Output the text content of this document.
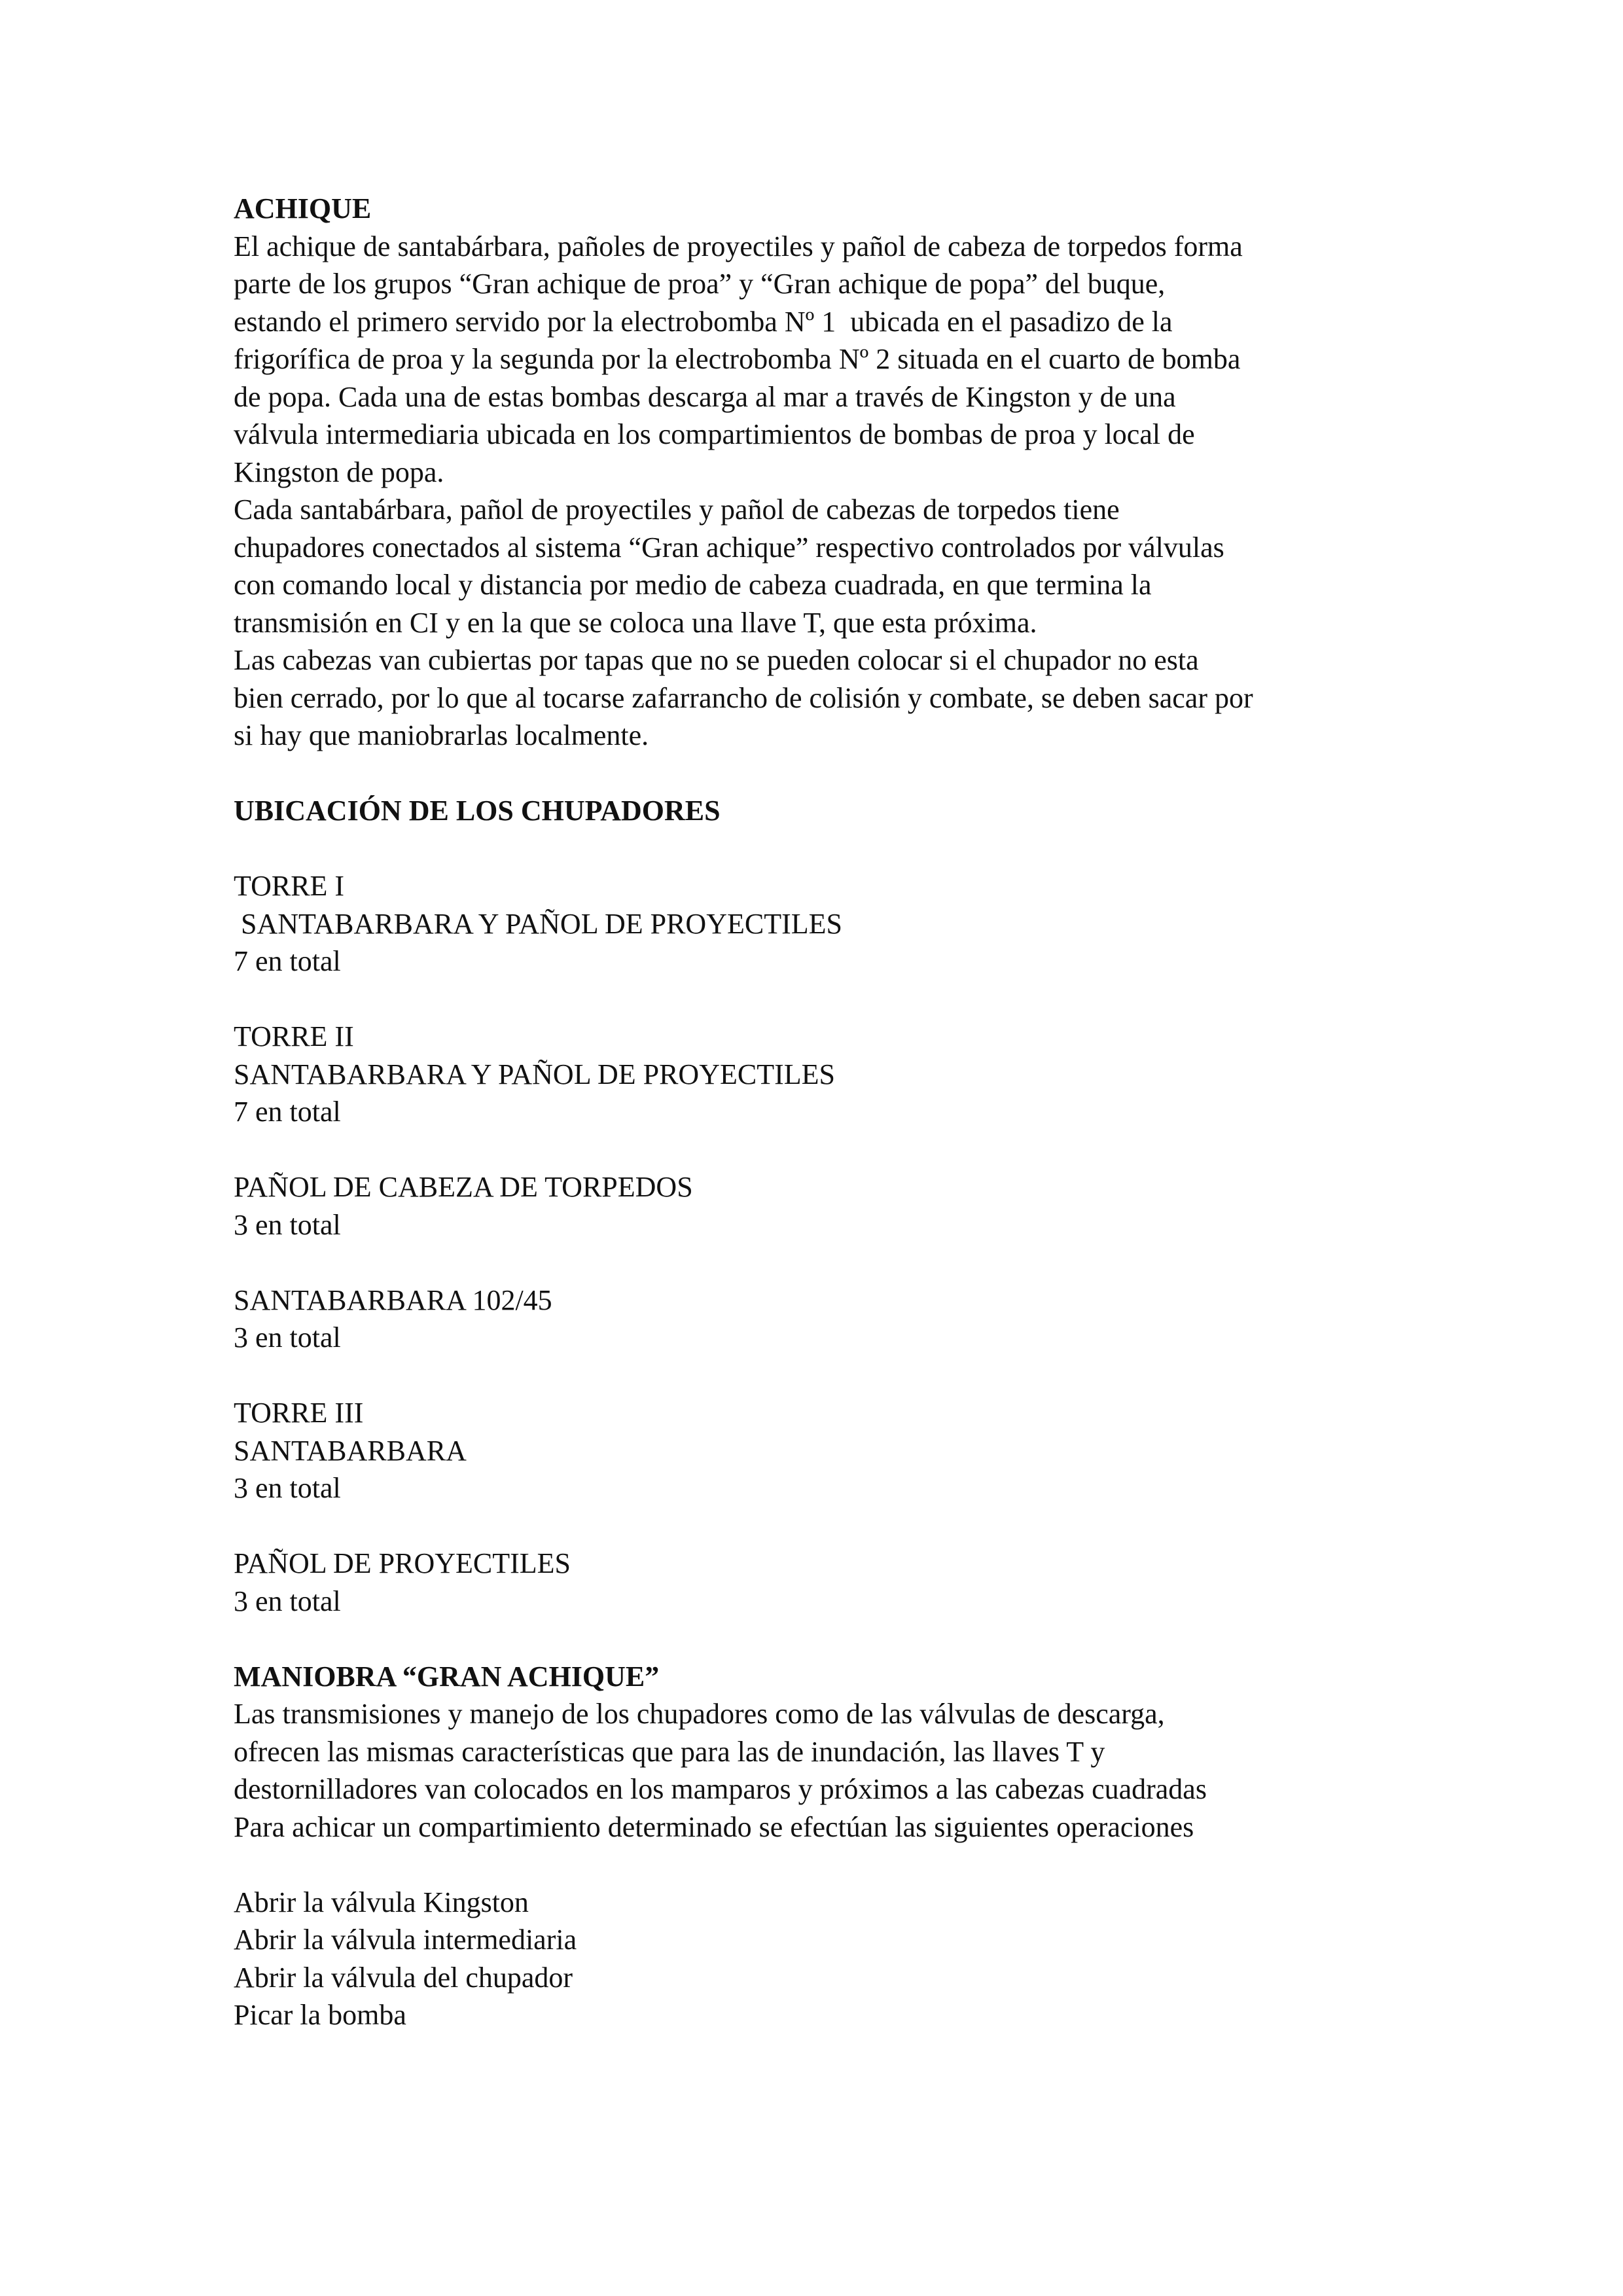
ACHIQUE
El achique de santabárbara, pañoles de proyectiles y pañol de cabeza de torpedos forma
parte de los grupos “Gran achique de proa” y “Gran achique de popa” del buque,
estando el primero servido por la electrobomba Nº 1  ubicada en el pasadizo de la
frigorífica de proa y la segunda por la electrobomba Nº 2 situada en el cuarto de bomba
de popa. Cada una de estas bombas descarga al mar a través de Kingston y de una
válvula intermediaria ubicada en los compartimientos de bombas de proa y local de
Kingston de popa.
Cada santabárbara, pañol de proyectiles y pañol de cabezas de torpedos tiene
chupadores conectados al sistema “Gran achique” respectivo controlados por válvulas
con comando local y distancia por medio de cabeza cuadrada, en que termina la
transmisión en CI y en la que se coloca una llave T, que esta próxima.
Las cabezas van cubiertas por tapas que no se pueden colocar si el chupador no esta
bien cerrado, por lo que al tocarse zafarrancho de colisión y combate, se deben sacar por
si hay que maniobrarlas localmente.
UBICACIÓN DE LOS CHUPADORES
TORRE I
SANTABARBARA Y PAÑOL DE PROYECTILES
7 en total
TORRE II
SANTABARBARA Y PAÑOL DE PROYECTILES
7 en total
PAÑOL DE CABEZA DE TORPEDOS
3 en total
SANTABARBARA 102/45
3 en total
TORRE III
SANTABARBARA
3 en total
PAÑOL DE PROYECTILES
3 en total
MANIOBRA “GRAN ACHIQUE”
Las transmisiones y manejo de los chupadores como de las válvulas de descarga,
ofrecen las mismas características que para las de inundación, las llaves T y
destornilladores van colocados en los mamparos y próximos a las cabezas cuadradas
Para achicar un compartimiento determinado se efectúan las siguientes operaciones
Abrir la válvula Kingston
Abrir la válvula intermediaria
Abrir la válvula del chupador
Picar la bomba
